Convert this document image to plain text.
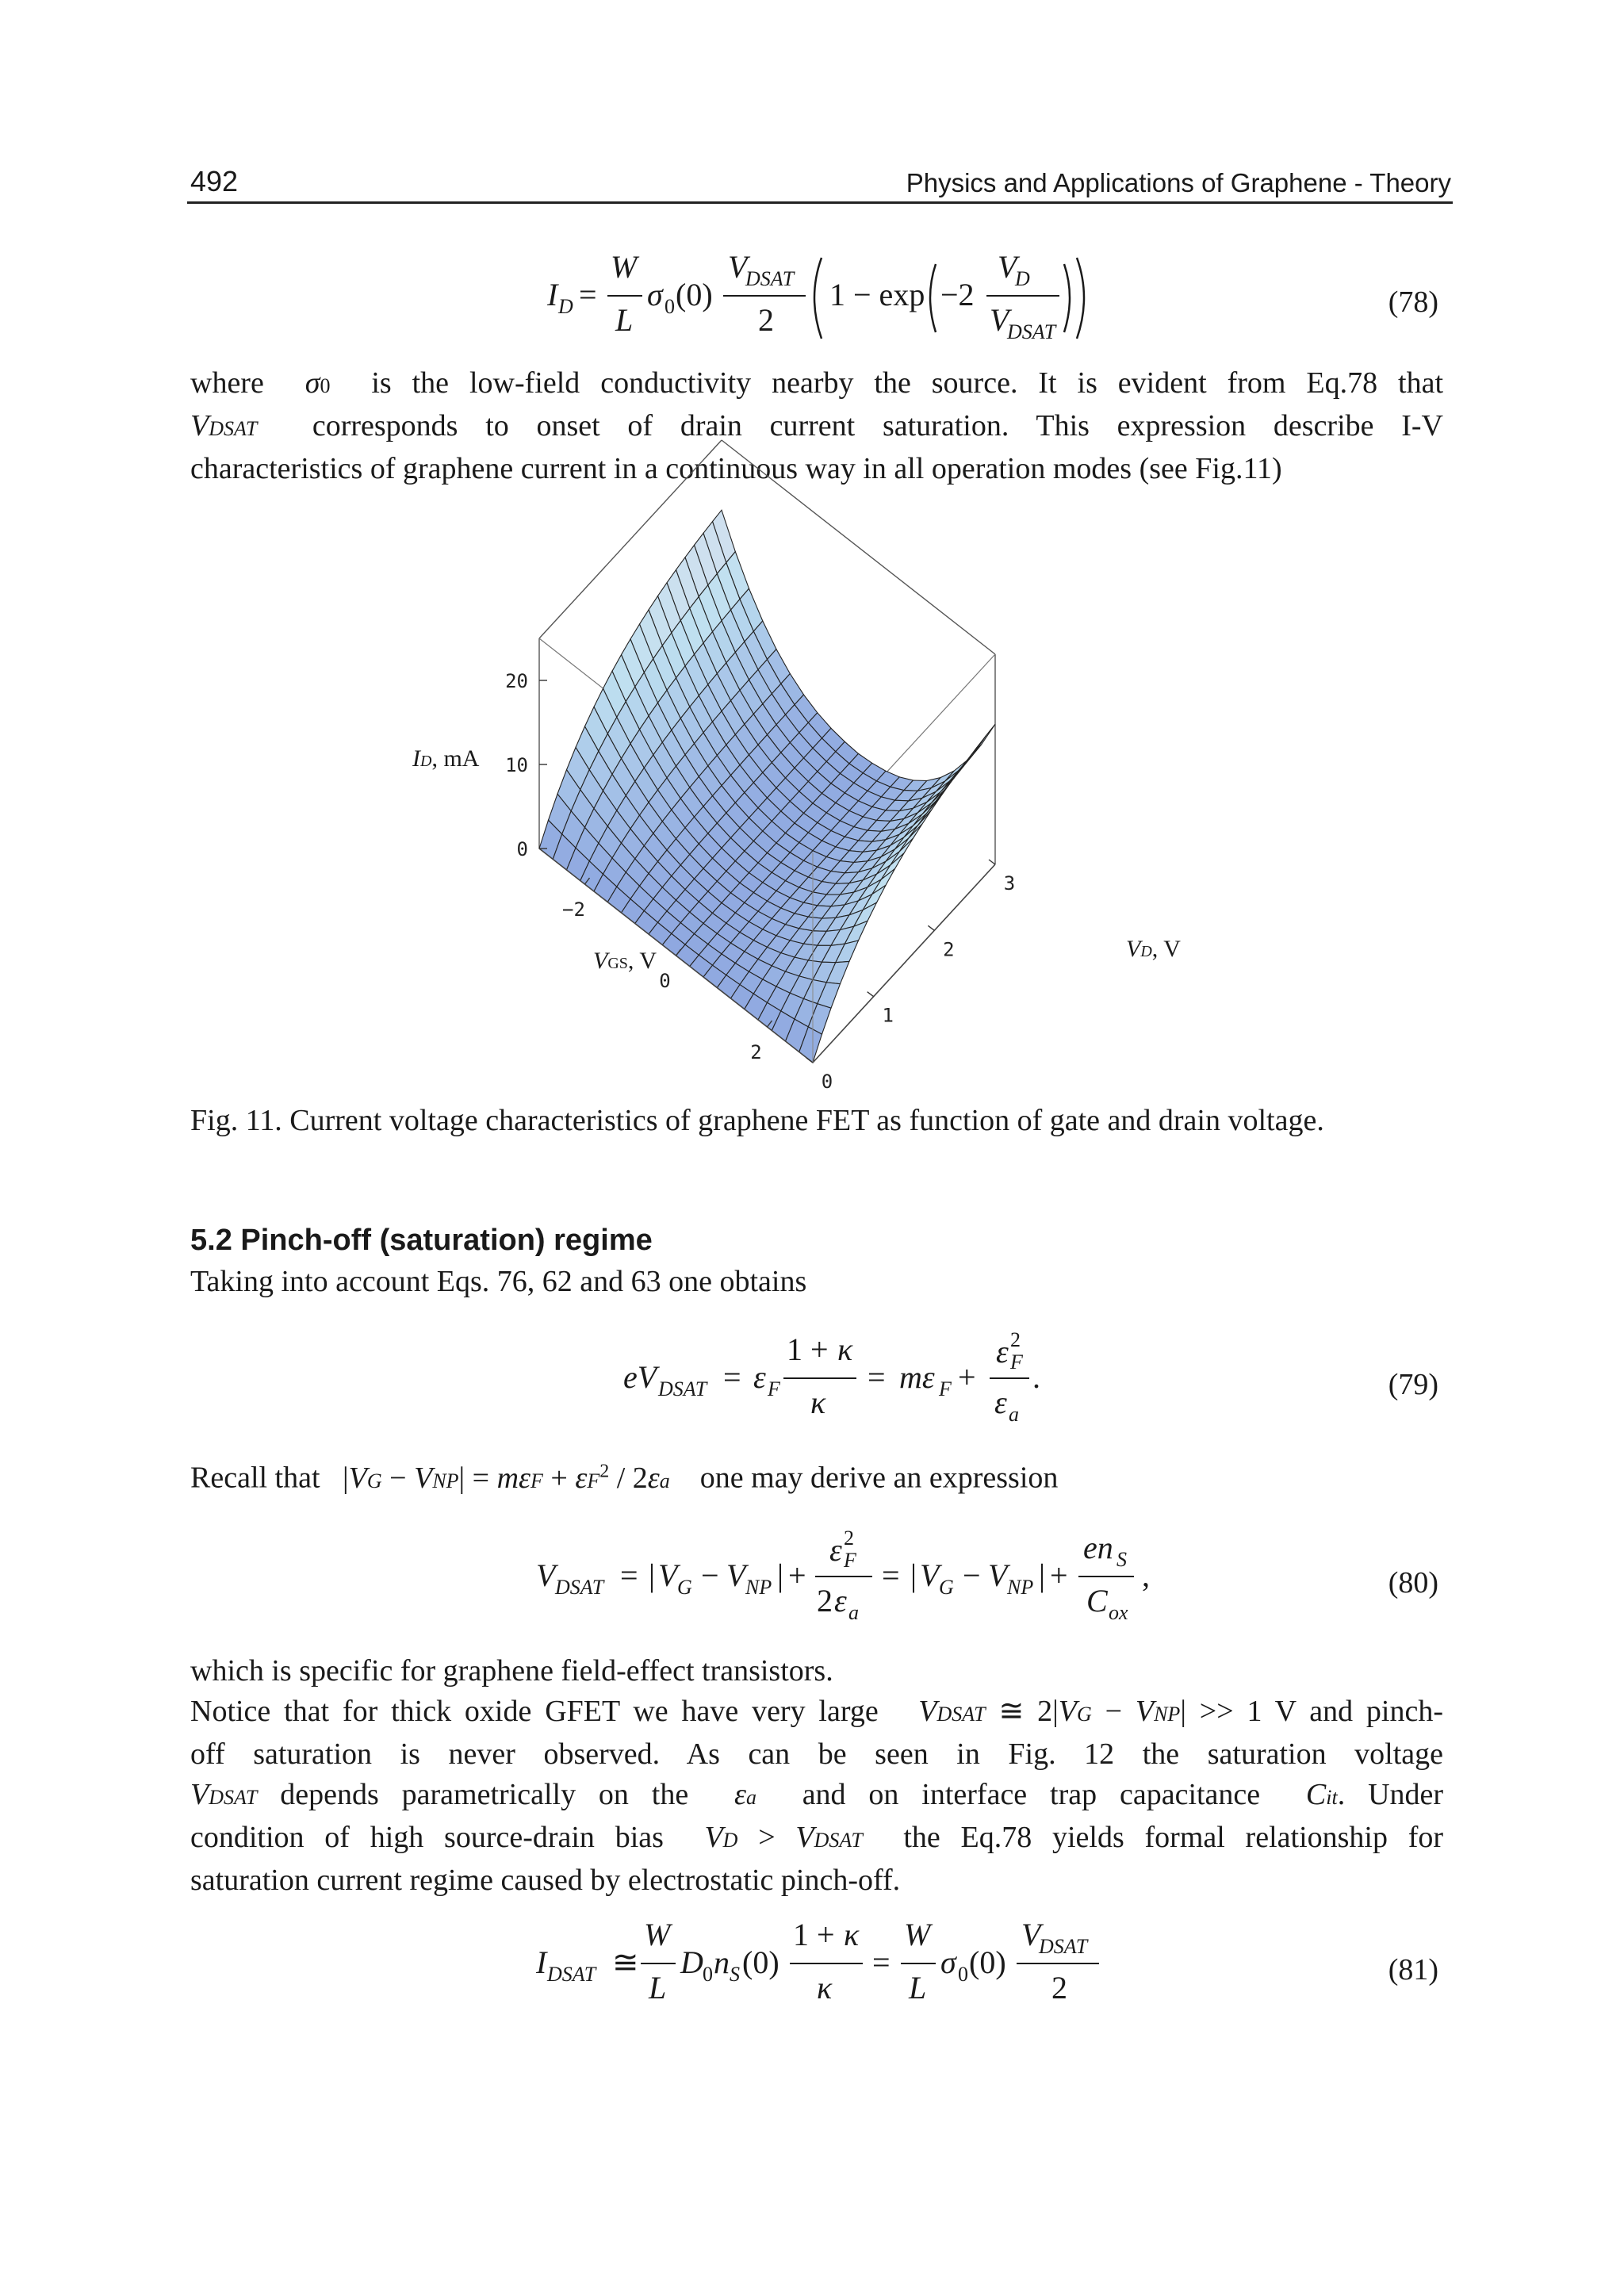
492	Physics and Applications of Graphene - Theory
I D =
W
L
σ 0 (0)
V
DSAT
2
1 − exp −2
V
D
V
DSAT
(78)
where  σ0 is the low-field conductivity nearby the source. It is evident from Eq.78 that
VDSAT corresponds to onset of drain current saturation. This expression describe I-V
characteristics of graphene current in a continuous way in all operation modes (see Fig.11)
0
10
20
−2
0
2
0
1
2
3
ID, mA
VGS, V	VD, V
Fig. 11. Current voltage characteristics of graphene FET as function of gate and drain voltage.
5.2 Pinch-off (saturation) regime
Taking into account Eqs. 76, 62 and 63 one obtains
eV DSAT = ε F
1 + κ
κ
= mε F +
ε 2
F
ε a
.	(79)
Recall that $|VG - VNP| = m\varepsilon F + \varepsilon F^2 / 2\varepsilon a$ one may derive an expression
V DSAT = | V G − V NP | +
ε 2
F
2 ε a
= | V G − V NP | +
en S
C ox
,	(80)
which is specific for graphene field-effect transistors.
Notice that for thick oxide GFET we have very large   VDSAT ≅ 2|VG − VNP| >> 1 V and pinch-
off saturation is never observed. As can be seen in Fig. 12 the saturation voltage
VDSAT depends parametrically on the  εa and on interface trap capacitance  Cit. Under
condition of high source-drain bias  VD > VDSAT the Eq.78 yields formal relationship for
saturation current regime caused by electrostatic pinch-off.
I DSAT ≅
W
L
D 0 n S (0)
1 + κ
κ
=
W
L
σ 0 (0)
V
DSAT
2	(81)
